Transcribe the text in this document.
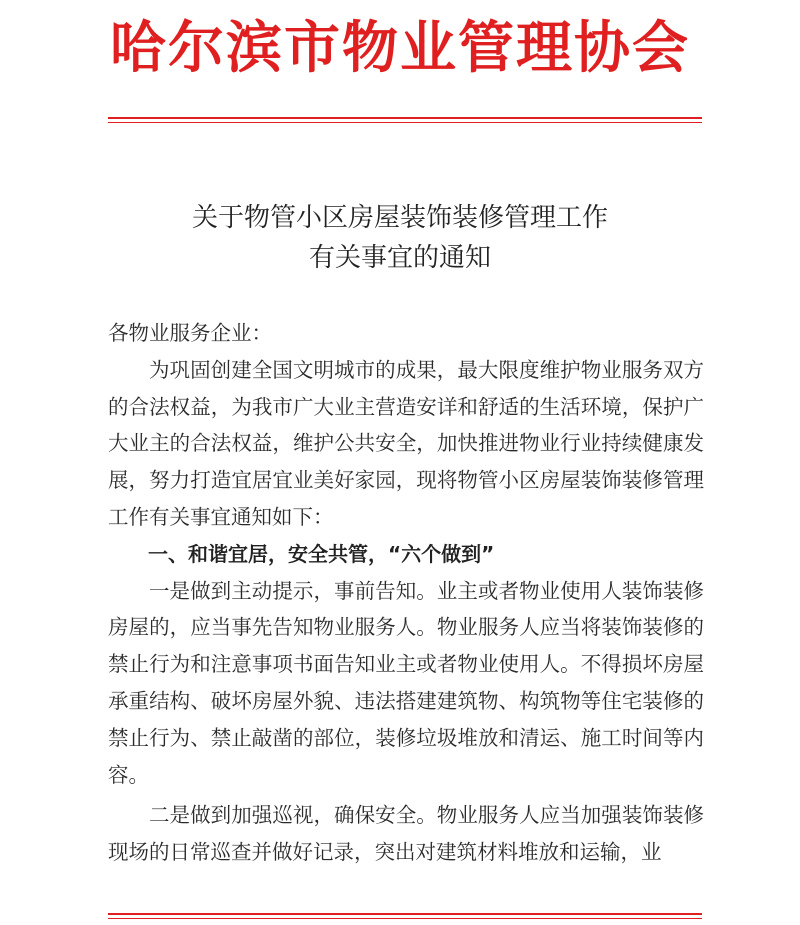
哈尔滨市物业管理协会
关于物管小区房屋装饰装修管理工作
有关事宜的通知

各物业服务企业：

为巩固创建全国文明城市的成果，最大限度维护物业服务双方的合法权益，为我市广大业主营造安详和舒适的生活环境，保护广大业主的合法权益，维护公共安全，加快推进物业行业持续健康发展，努力打造宜居宜业美好家园，现将物管小区房屋装饰装修管理工作有关事宜通知如下：

一、和谐宜居，安全共管，“六个做到”

一是做到主动提示，事前告知。业主或者物业使用人装饰装修房屋的，应当事先告知物业服务人。物业服务人应当将装饰装修的禁止行为和注意事项书面告知业主或者物业使用人。不得损坏房屋承重结构、破坏房屋外貌、违法搭建建筑物、构筑物等住宅装修的禁止行为、禁止敲凿的部位，装修垃圾堆放和清运、施工时间等内容。

二是做到加强巡视，确保安全。物业服务人应当加强装饰装修现场的日常巡查并做好记录，突出对建筑材料堆放和运输，业
